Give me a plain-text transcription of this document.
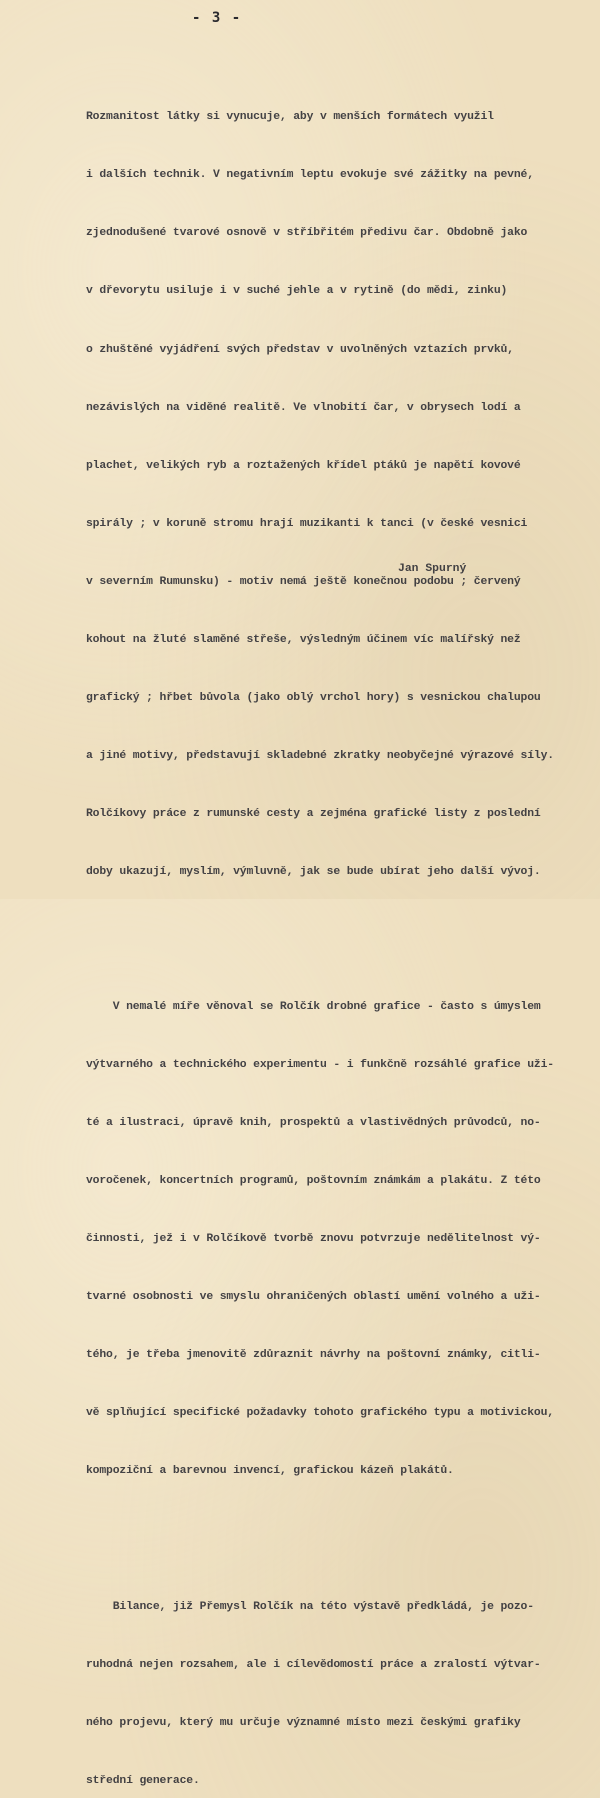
- 3 -

Rozmanitost látky si vynucuje, aby v menších formátech využil

i dalších technik. V negativním leptu evokuje své zážitky na pevné,

zjednodušené tvarové osnově v stříbřitém předivu čar. Obdobně jako

v dřevorytu usiluje i v suché jehle a v rytině (do mědi, zinku)

o zhuštěné vyjádření svých představ v uvolněných vztazích prvků,

nezávislých na viděné realitě. Ve vlnobití čar, v obrysech lodí a

plachet, velikých ryb a roztažených křídel ptáků je napětí kovové

spirály ; v koruně stromu hrají muzikanti k tanci (v české vesnici

v severním Rumunsku) - motiv nemá ještě konečnou podobu ; červený

kohout na žluté slaměné střeše, výsledným účinem víc malířský než

grafický ; hřbet bůvola (jako oblý vrchol hory) s vesnickou chalupou

a jiné motivy, představují skladebné zkratky neobyčejné výrazové síly.

Rolčíkovy práce z rumunské cesty a zejména grafické listy z poslední

doby ukazují, myslím, výmluvně, jak se bude ubírat jeho další vývoj.

V nemalé míře věnoval se Rolčík drobné grafice - často s úmyslem

výtvarného a technického experimentu - i funkčně rozsáhlé grafice uži-

té a ilustraci, úpravě knih, prospektů a vlastivědných průvodců, no-

voročenek, koncertních programů, poštovním známkám a plakátu. Z této

činnosti, jež i v Rolčíkově tvorbě znovu potvrzuje nedělitelnost vý-

tvarné osobnosti ve smyslu ohraničených oblastí umění volného a uži-

tého, je třeba jmenovitě zdůraznit návrhy na poštovní známky, citli-

vě splňující specifické požadavky tohoto grafického typu a motivickou,

kompoziční a barevnou invencí, grafickou kázeň plakátů.

Bilance, již Přemysl Rolčík na této výstavě předkládá, je pozo-

ruhodná nejen rozsahem, ale i cílevědomostí práce a zralostí výtvar-

ného projevu, který mu určuje významné místo mezi českými grafiky

střední generace.

Jan Spurný
